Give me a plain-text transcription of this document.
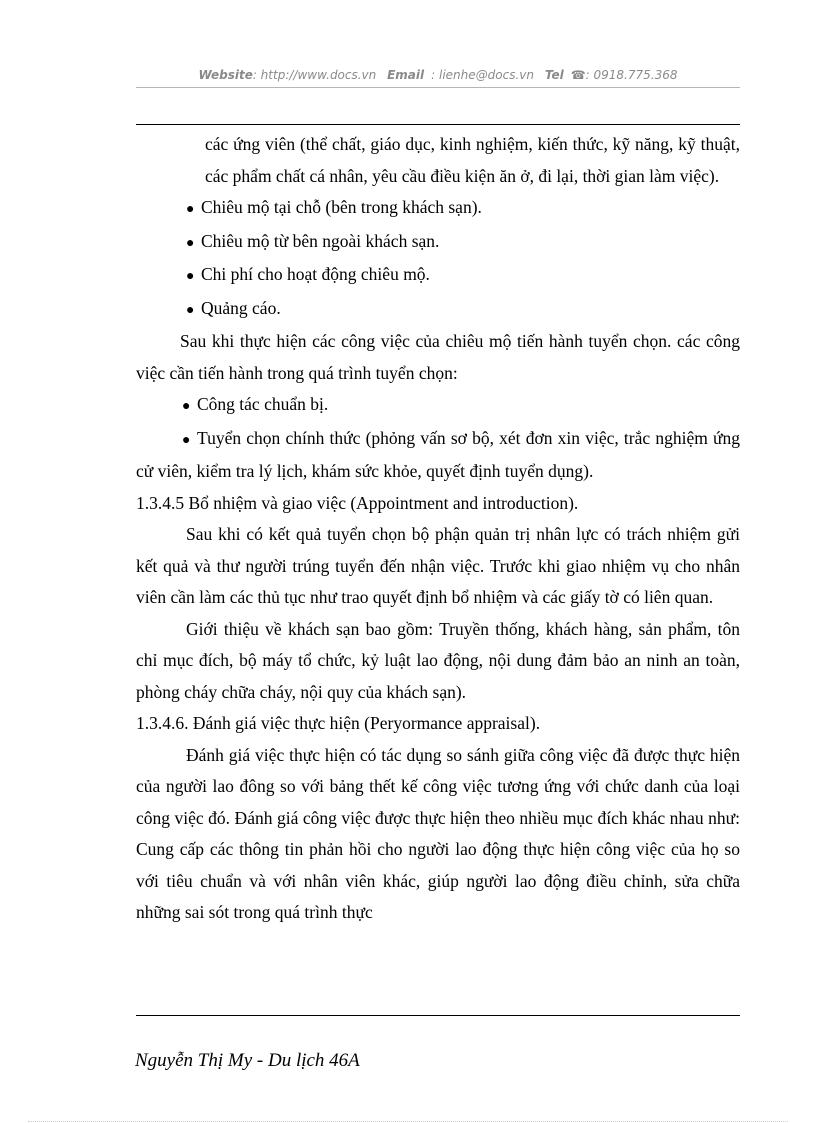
Website: http://www.docs.vn Email : lienhe@docs.vn Tel ☎: 0918.775.368

các ứng viên (thể chất, giáo dục, kinh nghiệm, kiến thức, kỹ năng, kỹ thuật, các phẩm chất cá nhân, yêu cầu điều kiện ăn ở, đi lại, thời gian làm việc).

● Chiêu mộ tại chỗ (bên trong khách sạn).

● Chiêu mộ từ bên ngoài khách sạn.

● Chi phí cho hoạt động chiêu mộ.

● Quảng cáo.

Sau khi thực hiện các công việc của chiêu mộ tiến hành tuyển chọn. các công việc cần tiến hành trong quá trình tuyển chọn:

● Công tác chuẩn bị.

● Tuyển chọn chính thức (phỏng vấn sơ bộ, xét đơn xin việc, trắc nghiệm ứng cử viên, kiểm tra lý lịch, khám sức khỏe, quyết định tuyển dụng).

1.3.4.5 Bổ nhiệm và giao việc (Appointment and introduction).

Sau khi có kết quả tuyển chọn bộ phận quản trị nhân lực có trách nhiệm gửi kết quả và thư người trúng tuyển đến nhận việc. Trước khi giao nhiệm vụ cho nhân viên cần làm các thủ tục như trao quyết định bổ nhiệm và các giấy tờ có liên quan.

Giới thiệu về khách sạn bao gồm: Truyền thống, khách hàng, sản phẩm, tôn chỉ mục đích, bộ máy tổ chức, kỷ luật lao động, nội dung đảm bảo an ninh an toàn, phòng cháy chữa cháy, nội quy của khách sạn).

1.3.4.6. Đánh giá việc thực hiện (Peryormance appraisal).

Đánh giá việc thực hiện có tác dụng so sánh giữa công việc đã được thực hiện của người lao đông so với bảng thết kế công việc tương ứng với chức danh của loại công việc đó. Đánh giá công việc được thực hiện theo nhiều mục đích khác nhau như: Cung cấp các thông tin phản hồi cho người lao động thực hiện công việc của họ so với tiêu chuẩn và với nhân viên khác, giúp người lao động điều chỉnh, sửa chữa những sai sót trong quá trình thực

Nguyễn Thị My - Du lịch 46A
